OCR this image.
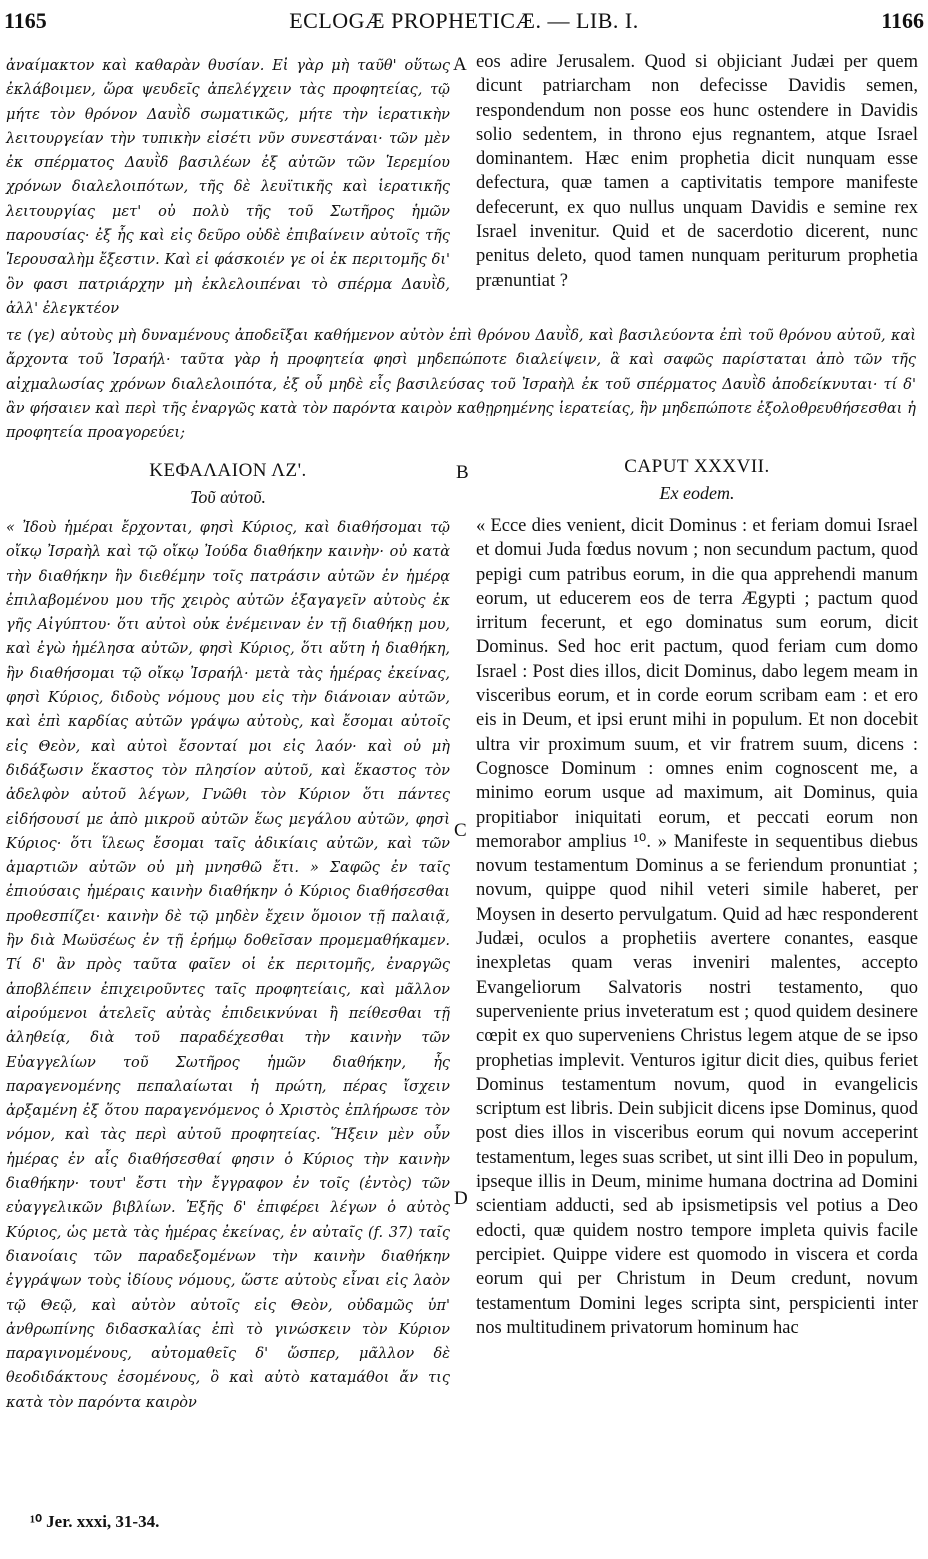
1165	ECLOGÆ PROPHETICÆ. — LIB. I.	1166

ἀναίμακτον καὶ καθαρὰν θυσίαν. Εἰ γὰρ μὴ ταῦθ' οὕτως ἐκλάβοιμεν, ὥρα ψευδεῖς ἀπελέγχειν τὰς προφητείας, τῷ μήτε τὸν θρόνον Δαυῒδ σωματικῶς, μήτε τὴν ἱερατικὴν λειτουργείαν τὴν τυπικὴν εἰσέτι νῦν συνεστάναι· τῶν μὲν ἐκ σπέρματος Δαυῒδ βασιλέων ἐξ αὐτῶν τῶν Ἱερεμίου χρόνων διαλελοιπότων, τῆς δὲ λευϊτικῆς καὶ ἱερατικῆς λειτουργίας μετ' οὐ πολὺ τῆς τοῦ Σωτῆρος ἡμῶν παρουσίας· ἐξ ἧς καὶ εἰς δεῦρο οὐδὲ ἐπιβαίνειν αὐτοῖς τῆς Ἱερουσαλὴμ ἔξεστιν. Καὶ εἰ φάσκοιέν γε οἱ ἐκ περιτομῆς δι' ὃν φασι πατριάρχην μὴ ἐκλελοιπέναι τὸ σπέρμα Δαυῒδ, ἀλλ' ἐλεγκτέον

A eos adire Jerusalem. Quod si objiciant Judæi per quem dicunt patriarcham non defecisse Davidis semen, respondendum non posse eos hunc ostendere in Davidis solio sedentem, in throno ejus regnantem, atque Israel dominantem. Hæc enim prophetia dicit nunquam esse defectura, quæ tamen a captivitatis tempore manifeste defecerunt, ex quo nullus unquam Davidis e semine rex Israel invenitur. Quid et de sacerdotio dicerent, nunc penitus deleto, quod tamen nunquam periturum prophetia prænuntiat ?

τε (γε) αὐτοὺς μὴ δυναμένους ἀποδεῖξαι καθήμενον αὐτὸν ἐπὶ θρόνου Δαυῒδ, καὶ βασιλεύοντα ἐπὶ τοῦ θρόνου αὐτοῦ, καὶ ἄρχοντα τοῦ Ἰσραήλ· ταῦτα γὰρ ἡ προφητεία φησὶ μηδεπώποτε διαλείψειν, ἃ καὶ σαφῶς παρίσταται ἀπὸ τῶν τῆς αἰχμαλωσίας χρόνων διαλελοιπότα, ἐξ οὗ μηδὲ εἷς βασιλεύσας τοῦ Ἰσραὴλ ἐκ τοῦ σπέρματος Δαυῒδ ἀποδείκνυται· τί δ' ἂν φήσαιεν καὶ περὶ τῆς ἐναργῶς κατὰ τὸν παρόντα καιρὸν καθῃρημένης ἱερατείας, ἣν μηδεπώποτε ἐξολοθρευθήσεσθαι ἡ προφητεία προαγορεύει;

ΚΕΦΑΛΑΙΟΝ ΛΖ'.	B	CAPUT XXXVII.
Τοῦ αὐτοῦ.	Ex eodem.

« Ἰδοὺ ἡμέραι ἔρχονται, φησὶ Κύριος, καὶ διαθήσομαι τῷ οἴκῳ Ἰσραὴλ καὶ τῷ οἴκῳ Ἰούδα διαθήκην καινὴν· οὐ κατὰ τὴν διαθήκην ἣν διεθέμην τοῖς πατράσιν αὐτῶν ἐν ἡμέρᾳ ἐπιλαβομένου μου τῆς χειρὸς αὐτῶν ἐξαγαγεῖν αὐτοὺς ἐκ γῆς Αἰγύπτου· ὅτι αὐτοὶ οὐκ ἐνέμειναν ἐν τῇ διαθήκῃ μου, καὶ ἐγὼ ἠμέλησα αὐτῶν, φησὶ Κύριος, ὅτι αὕτη ἡ διαθήκη, ἣν διαθήσομαι τῷ οἴκῳ Ἰσραήλ· μετὰ τὰς ἡμέρας ἐκείνας, φησὶ Κύριος, διδοὺς νόμους μου εἰς τὴν διάνοιαν αὐτῶν, καὶ ἐπὶ καρδίας αὐτῶν γράψω αὐτοὺς, καὶ ἔσομαι αὐτοῖς εἰς Θεὸν, καὶ αὐτοὶ ἔσονταί μοι εἰς λαόν· καὶ οὐ μὴ διδάξωσιν ἕκαστος τὸν πλησίον αὐτοῦ, καὶ ἕκαστος τὸν ἀδελφὸν αὐτοῦ λέγων, Γνῶθι τὸν Κύριον ὅτι πάντες εἰδήσουσί με ἀπὸ μικροῦ αὐτῶν ἕως μεγάλου αὐτῶν, φησὶ Κύριος· ὅτι ἵλεως ἔσομαι ταῖς ἀδικίαις αὐτῶν, καὶ τῶν ἁμαρτιῶν αὐτῶν οὐ μὴ μνησθῶ ἔτι. » Σαφῶς ἐν ταῖς ἐπιούσαις ἡμέραις καινὴν διαθήκην ὁ Κύριος διαθήσεσθαι προθεσπίζει· καινὴν δὲ τῷ μηδὲν ἔχειν ὅμοιον τῇ παλαιᾷ, ἣν διὰ Μωϋσέως ἐν τῇ ἐρήμῳ δοθεῖσαν προμεμαθήκαμεν. Τί δ' ἂν πρὸς ταῦτα φαῖεν οἱ ἐκ περιτομῆς, ἐναργῶς ἀποβλέπειν ἐπιχειροῦντες ταῖς προφητείαις, καὶ μᾶλλον αἱρούμενοι ἀτελεῖς αὐτὰς ἐπιδεικνύναι ἢ πείθεσθαι τῇ ἀληθείᾳ, διὰ τοῦ παραδέχεσθαι τὴν καινὴν τῶν Εὐαγγελίων τοῦ Σωτῆρος ἡμῶν διαθήκην, ἧς παραγενομένης πεπαλαίωται ἡ πρώτη, πέρας ἴσχειν ἀρξαμένη ἐξ ὅτου παραγενόμενος ὁ Χριστὸς ἐπλήρωσε τὸν νόμον, καὶ τὰς περὶ αὐτοῦ προφητείας. Ἥξειν μὲν οὖν ἡμέρας ἐν αἷς διαθήσεσθαί φησιν ὁ Κύριος τὴν καινὴν διαθήκην· τουτ' ἔστι τὴν ἔγγραφον ἐν τοῖς (ἐντὸς) τῶν εὐαγγελικῶν βιβλίων. Ἑξῆς δ' ἐπιφέρει λέγων ὁ αὐτὸς Κύριος, ὡς μετὰ τὰς ἡμέρας ἐκείνας, ἐν αὐταῖς (f. 37) ταῖς διανοίαις τῶν παραδεξομένων τὴν καινὴν διαθήκην ἐγγράψων τοὺς ἰδίους νόμους, ὥστε αὐτοὺς εἶναι εἰς λαὸν τῷ Θεῷ, καὶ αὐτὸν αὐτοῖς εἰς Θεὸν, οὐδαμῶς ὑπ' ἀνθρωπίνης διδασκαλίας ἐπὶ τὸ γινώσκειν τὸν Κύριον παραγινομένους, αὐτομαθεῖς δ' ὥσπερ, μᾶλλον δὲ θεοδιδάκτους ἐσομένους, ὃ καὶ αὐτὸ καταμάθοι ἄν τις κατὰ τὸν παρόντα καιρὸν

C
D

« Ecce dies venient, dicit Dominus : et feriam domui Israel et domui Juda fœdus novum ; non secundum pactum, quod pepigi cum patribus eorum, in die qua apprehendi manum eorum, ut educerem eos de terra Ægypti ; pactum quod irritum fecerunt, et ego dominatus sum eorum, dicit Dominus. Sed hoc erit pactum, quod feriam cum domo Israel : Post dies illos, dicit Dominus, dabo legem meam in visceribus eorum, et in corde eorum scribam eam : et ero eis in Deum, et ipsi erunt mihi in populum. Et non docebit ultra vir proximum suum, et vir fratrem suum, dicens : Cognosce Dominum : omnes enim cognoscent me, a minimo eorum usque ad maximum, ait Dominus, quia propitiabor iniquitati eorum, et peccati eorum non memorabor amplius ¹⁰. » Manifeste in sequentibus diebus novum testamentum Dominus a se feriendum pronuntiat ; novum, quippe quod nihil veteri simile haberet, per Moysen in deserto pervulgatum. Quid ad hæc responderent Judæi, oculos a prophetiis avertere conantes, easque inexpletas quam veras inveniri malentes, accepto Evangeliorum Salvatoris nostri testamento, quo superveniente prius inveteratum est ; quod quidem desinere cœpit ex quo superveniens Christus legem atque de se ipso prophetias implevit. Venturos igitur dicit dies, quibus feriet Dominus testamentum novum, quod in evangelicis scriptum est libris. Dein subjicit dicens ipse Dominus, quod post dies illos in visceribus eorum qui novum acceperint testamentum, leges suas scribet, ut sint illi Deo in populum, ipseque illis in Deum, minime humana doctrina ad Domini scientiam adducti, sed ab ipsismetipsis vel potius a Deo edocti, quæ quidem nostro tempore impleta quivis facile percipiet. Quippe videre est quomodo in viscera et corda eorum qui per Christum in Deum credunt, novum testamentum Domini leges scripta sint, perspicienti inter nos multitudinem privatorum hominum hac

¹⁰ Jer. xxxi, 31-34.
